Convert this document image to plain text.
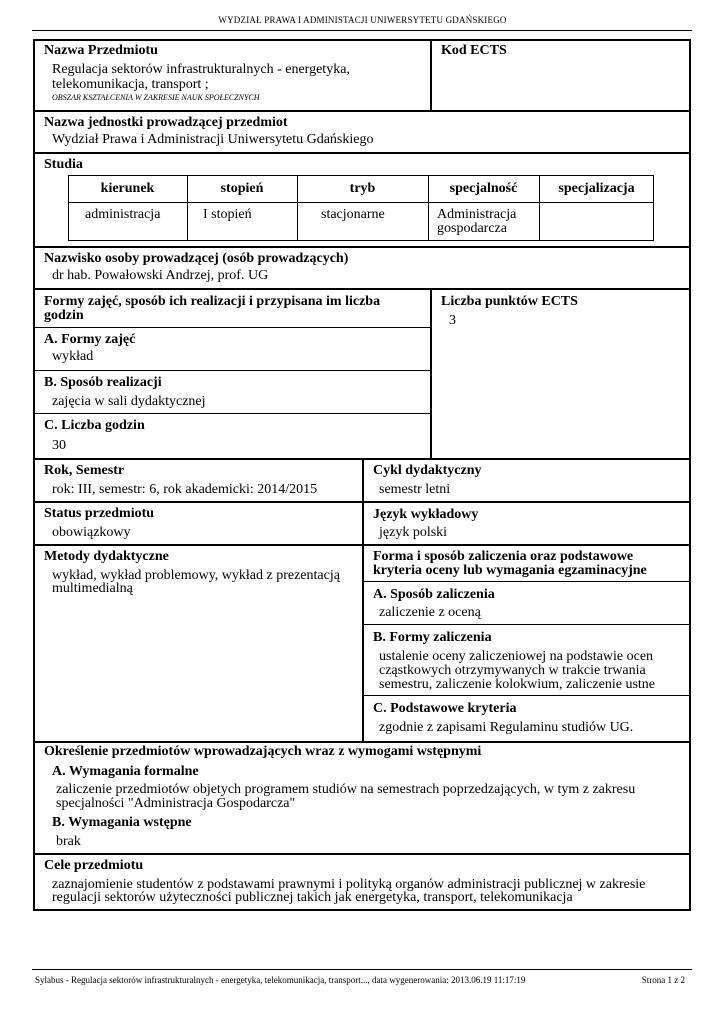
WYDZIAŁ PRAWA I ADMINISTACJI UNIWERSYTETU GDAŃSKIEGO
Nazwa Przedmiotu
Regulacja sektorów infrastrukturalnych - energetyka,
telekomunikacja, transport ;
OBSZAR KSZTAŁCENIA W ZAKRESIE NAUK SPOŁECZNYCH
Kod ECTS
Nazwa jednostki prowadzącej przedmiot
Wydział Prawa i Administracji Uniwersytetu Gdańskiego
Studia
kierunek	stopień	tryb	specjalność	specjalizacja
administracja	I stopień	stacjonarne	Administracja
gospodarcza
Nazwisko osoby prowadzącej (osób prowadzących)
dr hab. Powałowski Andrzej, prof. UG
Formy zajęć, sposób ich realizacji i przypisana im liczba
godzin
A. Formy zajęć
wykład
B. Sposób realizacji
zajęcia w sali dydaktycznej
C. Liczba godzin
30
Liczba punktów ECTS
3
Rok, Semestr
rok: III, semestr: 6, rok akademicki: 2014/2015
Cykl dydaktyczny
semestr letni
Status przedmiotu
obowiązkowy
Język wykładowy
język polski
Metody dydaktyczne
wykład, wykład problemowy, wykład z prezentacją
multimedialną
Forma i sposób zaliczenia oraz podstawowe
kryteria oceny lub wymagania egzaminacyjne
A. Sposób zaliczenia
zaliczenie z oceną
B. Formy zaliczenia
ustalenie oceny zaliczeniowej na podstawie ocen
cząstkowych otrzymywanych w trakcie trwania
semestru, zaliczenie kolokwium, zaliczenie ustne
C. Podstawowe kryteria
zgodnie z zapisami Regulaminu studiów UG.
Określenie przedmiotów wprowadzających wraz z wymogami wstępnymi
A. Wymagania formalne
zaliczenie przedmiotów objetych programem studiów na semestrach poprzedzających, w tym z zakresu
specjalności "Administracja Gospodarcza"
B. Wymagania wstępne
brak
Cele przedmiotu
zaznajomienie studentów z podstawami prawnymi i polityką organów administracji publicznej w zakresie
regulacji sektorów użyteczności publicznej takich jak energetyka, transport, telekomunikacja
Sylabus - Regulacja sektorów infrastrukturalnych - energetyka, telekomunikacja, transport..., data wygenerowania: 2013.06.19 11:17:19	Strona 1 z 2
